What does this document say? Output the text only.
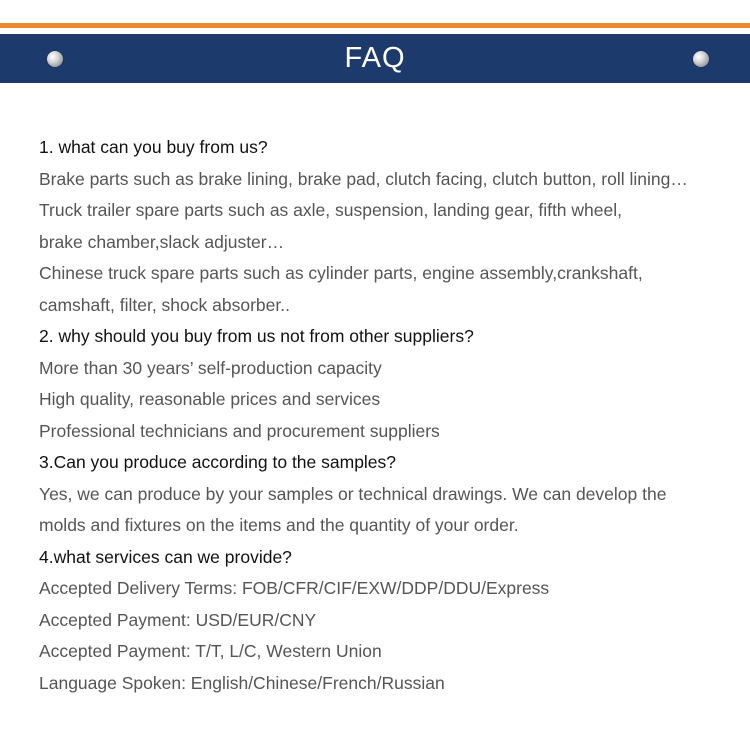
FAQ
1. what can you buy from us?
Brake parts such as brake lining, brake pad, clutch facing, clutch button, roll lining…
Truck trailer spare parts such as axle, suspension, landing gear, fifth wheel,
brake chamber,slack adjuster…
Chinese truck spare parts such as cylinder parts, engine assembly,crankshaft,
camshaft, filter, shock absorber..
2. why should you buy from us not from other suppliers?
More than 30 years’ self-production capacity
High quality, reasonable prices and services
Professional technicians and procurement suppliers
3.Can you produce according to the samples?
Yes, we can produce by your samples or technical drawings. We can develop the
molds and fixtures on the items and the quantity of your order.
4.what services can we provide?
Accepted Delivery Terms: FOB/CFR/CIF/EXW/DDP/DDU/Express
Accepted Payment: USD/EUR/CNY
Accepted Payment: T/T, L/C, Western Union
Language Spoken: English/Chinese/French/Russian
